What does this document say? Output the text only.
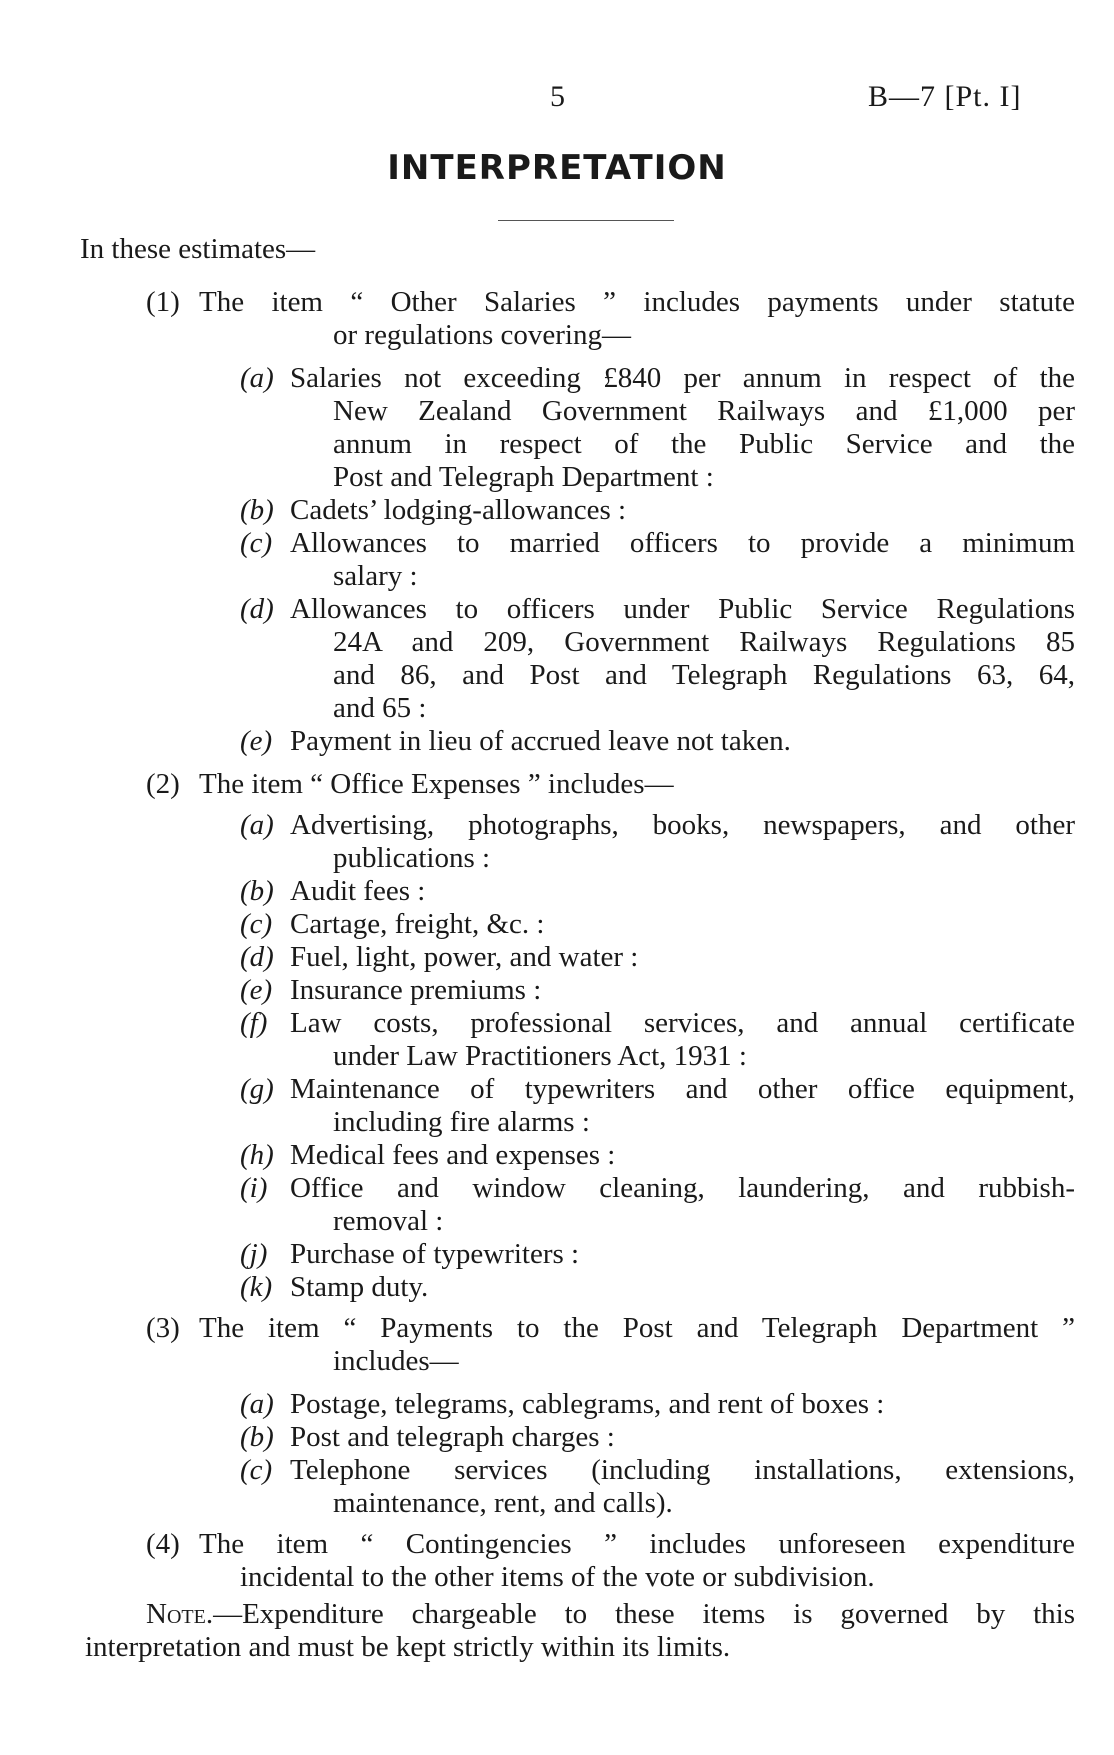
5	B—7 [Pt. I]
INTERPRETATION
In these estimates—
(1) The item “ Other Salaries ” includes payments under statute
or regulations covering—
(a) Salaries not exceeding £840 per annum in respect of the
New Zealand Government Railways and £1,000 per
annum in respect of the Public Service and the
Post and Telegraph Department :
(b) Cadets’ lodging-allowances :
(c) Allowances to married officers to provide a minimum
salary :
(d) Allowances to officers under Public Service Regulations
24A and 209, Government Railways Regulations 85
and 86, and Post and Telegraph Regulations 63, 64,
and 65 :
(e) Payment in lieu of accrued leave not taken.
(2) The item “ Office Expenses ” includes—
(a) Advertising, photographs, books, newspapers, and other
publications :
(b) Audit fees :
(c) Cartage, freight, &c. :
(d) Fuel, light, power, and water :
(e) Insurance premiums :
(f) Law costs, professional services, and annual certificate
under Law Practitioners Act, 1931 :
(g) Maintenance of typewriters and other office equipment,
including fire alarms :
(h) Medical fees and expenses :
(i) Office and window cleaning, laundering, and rubbish-
removal :
(j) Purchase of typewriters :
(k) Stamp duty.
(3) The item “ Payments to the Post and Telegraph Department ”
includes—
(a) Postage, telegrams, cablegrams, and rent of boxes :
(b) Post and telegraph charges :
(c) Telephone services (including installations, extensions,
maintenance, rent, and calls).
(4) The item “ Contingencies ” includes unforeseen expenditure
incidental to the other items of the vote or subdivision.
Note.—Expenditure chargeable to these items is governed by this
interpretation and must be kept strictly within its limits.
